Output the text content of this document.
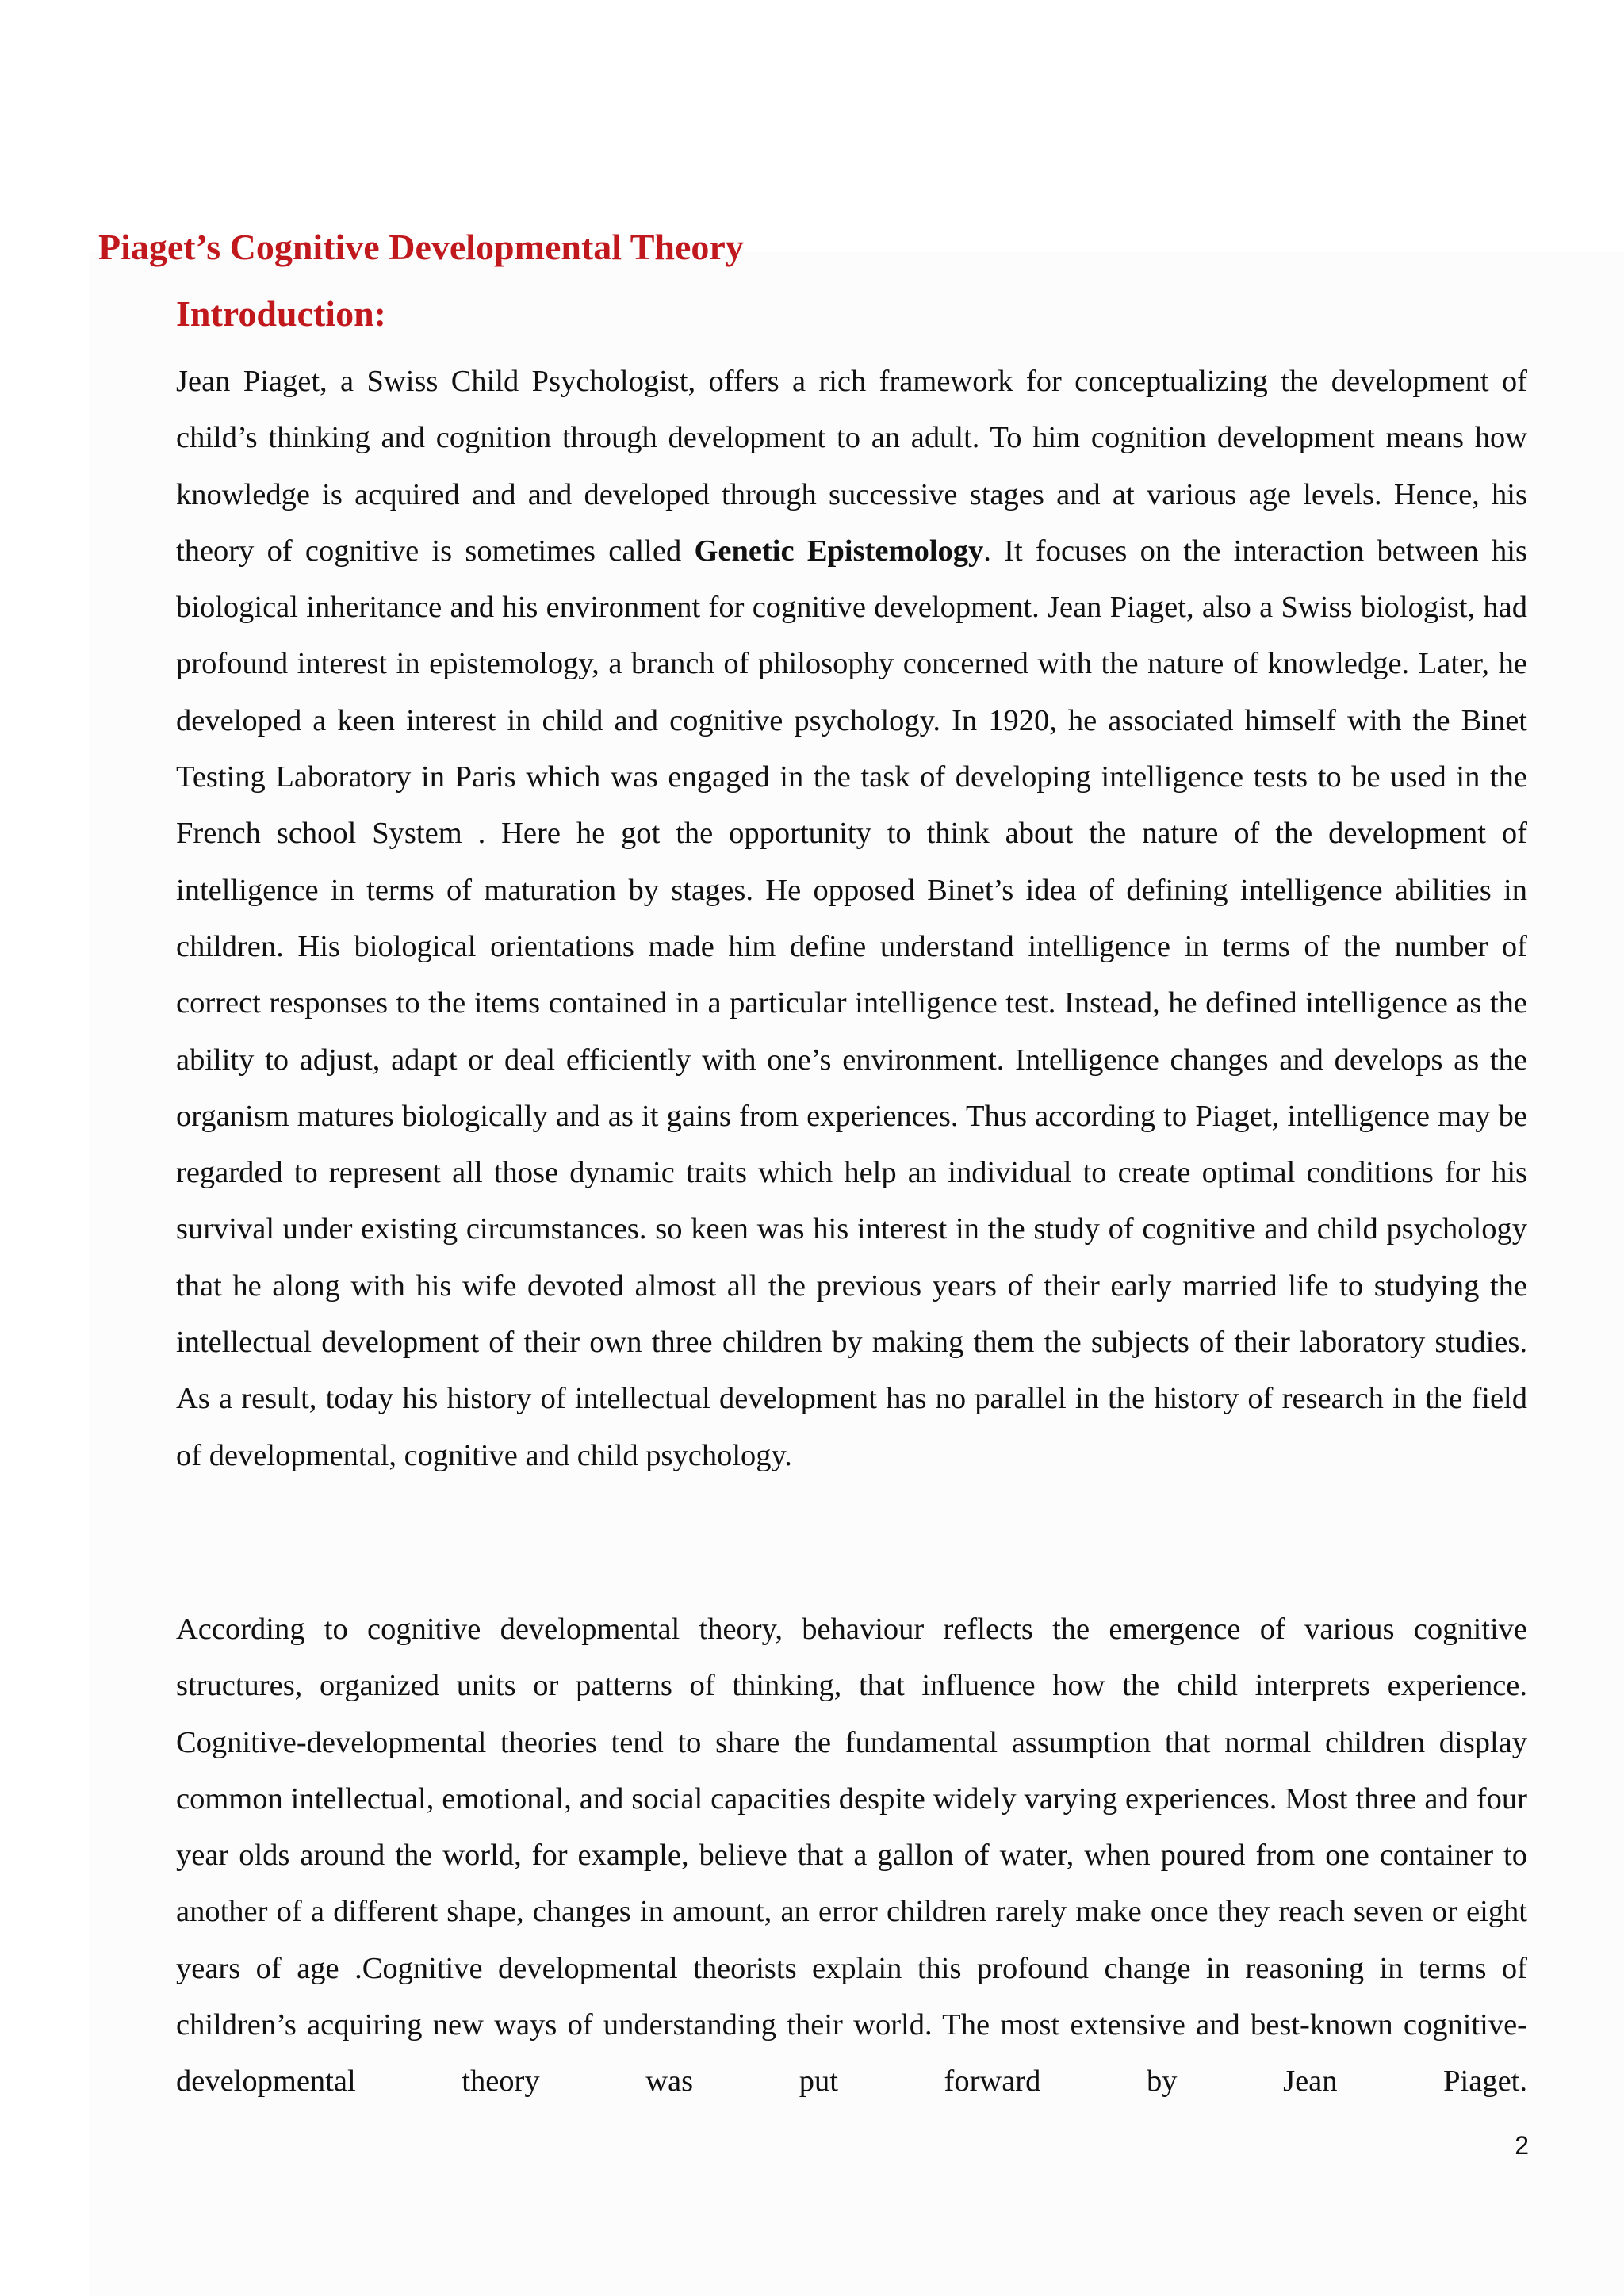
Piaget’s Cognitive Developmental Theory
Introduction:

Jean Piaget, a Swiss Child Psychologist, offers a rich framework for conceptualizing the development of child’s thinking and cognition through development to an adult. To him cognition development means how knowledge is acquired and and developed through successive stages and at various age levels. Hence, his theory of cognitive is sometimes called Genetic Epistemology. It focuses on the interaction between his biological inheritance and his environment for cognitive development. Jean Piaget, also a Swiss biologist, had profound interest in epistemology, a branch of philosophy concerned with the nature of knowledge. Later, he developed a keen interest in child and cognitive psychology. In 1920, he associated himself with the Binet Testing Laboratory in Paris which was engaged in the task of developing intelligence tests to be used in the French school System . Here he got the opportunity to think about the nature of the development of intelligence in terms of maturation by stages. He opposed Binet’s idea of defining intelligence abilities in children. His biological orientations made him define understand intelligence in terms of the number of correct responses to the items contained in a particular intelligence test. Instead, he defined intelligence as the ability to adjust, adapt or deal efficiently with one’s environment. Intelligence changes and develops as the organism matures biologically and as it gains from experiences. Thus according to Piaget, intelligence may be regarded to represent all those dynamic traits which help an individual to create optimal conditions for his survival under existing circumstances. so keen was his interest in the study of cognitive and child psychology that he along with his wife devoted almost all the previous years of their early married life to studying the intellectual development of their own three children by making them the subjects of their laboratory studies. As a result, today his history of intellectual development has no parallel in the history of research in the field of developmental, cognitive and child psychology.

According to cognitive developmental theory, behaviour reflects the emergence of various cognitive structures, organized units or patterns of thinking, that influence how the child interprets experience. Cognitive-developmental theories tend to share the fundamental assumption that normal children display common intellectual, emotional, and social capacities despite widely varying experiences. Most three and four year olds around the world, for example, believe that a gallon of water, when poured from one container to another of a different shape, changes in amount, an error children rarely make once they reach seven or eight years of age .Cognitive developmental theorists explain this profound change in reasoning in terms of children’s acquiring new ways of understanding their world. The most extensive and best-known cognitive-developmental theory was put forward by Jean Piaget.

2
